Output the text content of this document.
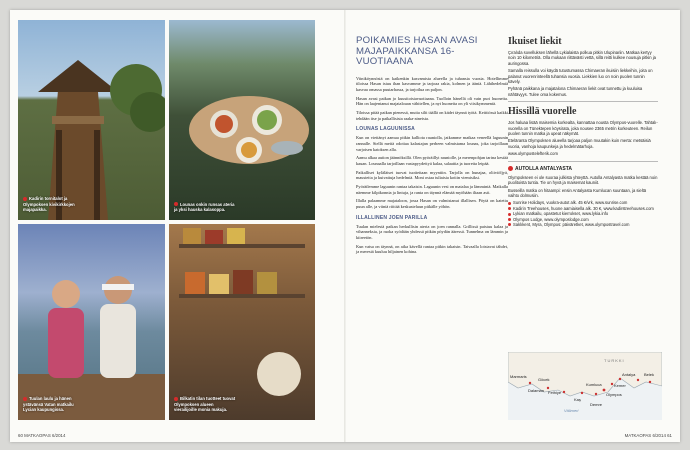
Kadirin tornitalot ja Olympoksen kivikirkkojen majapaikka.
Lounas onkin runsas ateria ja yksi hauska kalasoppa.
Tuulan laulu ja hänen ystävänsä Vatan matkailu Lycian kaupungissa.
Bilkatin tilan tuotteet tuovat Olympoksen alueen vierailijoille monia makuja.
60 MATKAOPAS 6/2014	MATKAOPAS 6/2014 61
POIKAMIES HASAN AVASI MAJAPAIKKANSA 16-VUOTIAANA

Viiniköynnöstä on kaikenkin kasvamista alueella ja tuhansia vuosia. Hotellimme tiloissa Hasan istuu ihan kasvamme ja tarjoaa rakia, kolmen ja ääniä. Lähihedelmiä kasvaa omassa puutarhassa, ja tarjoilua on paljon.

Hasan avasi paikan jo kuusitoistavuotiaana. Tuolloin hänellä oli vain puri huoneita. Hän on laajentanut majataloaan vähitellen, ja nyt huoneita on yli viisikymmentä.

Tiloissa pitää paikan pienessä, mutta silti täällä on kädet täynnä työtä. Keittiössä kaikki tehdään itse ja paikallisista raaka-aineista.

LOUNAS LAGUUNISSA

Kun on viettänyt aamua pitkin kalliota rauniolla, jatkamme matkaa veneellä laguunin rannalle. Siellä meitä odottaa kalastajan perheen valmistama lounas, joka tarjoillaan varjoisen katoksen alla.

Aamu alkaa aution jäännöksillä. Olen pyöräillyt rauniolle, ja merenpohjan tarina kestää kauan. Lounaalla tarjoillaan vastapyydettyä kalaa, salaattia ja tuoretta leipää.

Paikalliset kyläläiset tuovat tuotteitaan myyntiin. Tarjolla on hunajaa, oliiviöljyä, mausteita ja kuivattuja hedelmiä. Moni ostaa tuliaisia kotiin viemisiksi.

Pyöräilemme laguunin rantaa takaisin. Laguunin vesi on matalaa ja lämmintä. Matkalla näemme kilpikonnia ja lintuja, ja ranta on täynnä elämää myöhään iltaan asti.

Illalla palaamme majataloon, jossa Hasan on valmistanut illallisen. Pöytä on katettu puun alle, ja viiniä riittää keskusteluun pitkälle yöhön.

ILLALLINEN JOEN PARILLA

Tuulan mielestä paikan herkullisin ateria on joen rannalla. Grillissä paistuu kalaa ja vihanneksia, ja ruoka syödään yhdessä pitkän pöydän ääressä. Tunnelma on lämmin ja kiireetön.

Kun vatsa on täynnä, on aika kävellä rantaa pitkin takaisin. Taivaalla loistavat tähdet, ja merestä kuuluu hiljainen kohina.

Ikuiset liekit

Çıralıda sovelluksen lähellä Lykialaista polkua pitkin Ulupinariin. Matkaa kertyy noin 10 kilometriä. Olla mukaan riittävästi vettä, sillä reitti kulkee nousuja pitkin ja auringossa.

Samalla reissulla voi käydä tutustumassa Chimaeran ikuisiin liekkeihin, joita on palanut vuorenrinteellä tuhansia vuosia. Liekkien luo on noin puolen tunnin kävely.

Pyhänä paikkana ja majatalona Chimaeran liekit ovat tunnettu ja kuuluisa nähtävyys. Tulee oma kokemus.

Hissillä vuorelle

Jos haluaa lisää maisemia korkealta, kannattaa nousta Olympos-vuorelle. Tahtalı-vuorella on Tünektepen köysirata, joka nousee 2365 metrin korkeuteen. Reilun puolen tunnin matka ja upeat näkymät.

Eteläranta Olympoksen alueella tarjoaa paljon muutakin kuin merta: metsäisiä vuoria, vanhoja kaupunkeja ja hedelmätarhoja.

www.olympostelefterik.com

AUTOLLA ANTALYASTA

Olympokseen ei ole suoraa julkista yhteyttä. Autolla Antalyasta matka kestää noin puolitoista tuntia. Tie on hyvä ja maisemat kauniit.

Busseilla matka on hitaampi: ensin Antalyasta Kumlucan suuntaan, ja sieltä vaihto dolmusiin.

Sunrise Holidays, vuokra-autot alk. 45 €/vrk, www.sunrise.com
Kadirin Treehouses, huone aamiaisella alk. 30 €, www.kadirstreehouses.com
Lykian matkailu, opastetut kierrokset, www.lykia.info
Olympos Lodge, www.olymposlodge.com
Saklıkent, Myra, Olympos: päiväretket, www.olympostravel.com
TURKKI
Välimeri
Marmaris
Göcek
Fethiye
Dalaman
Kaş
Olympos
Antalya Belek
Kemer
Kumluca
Demre
